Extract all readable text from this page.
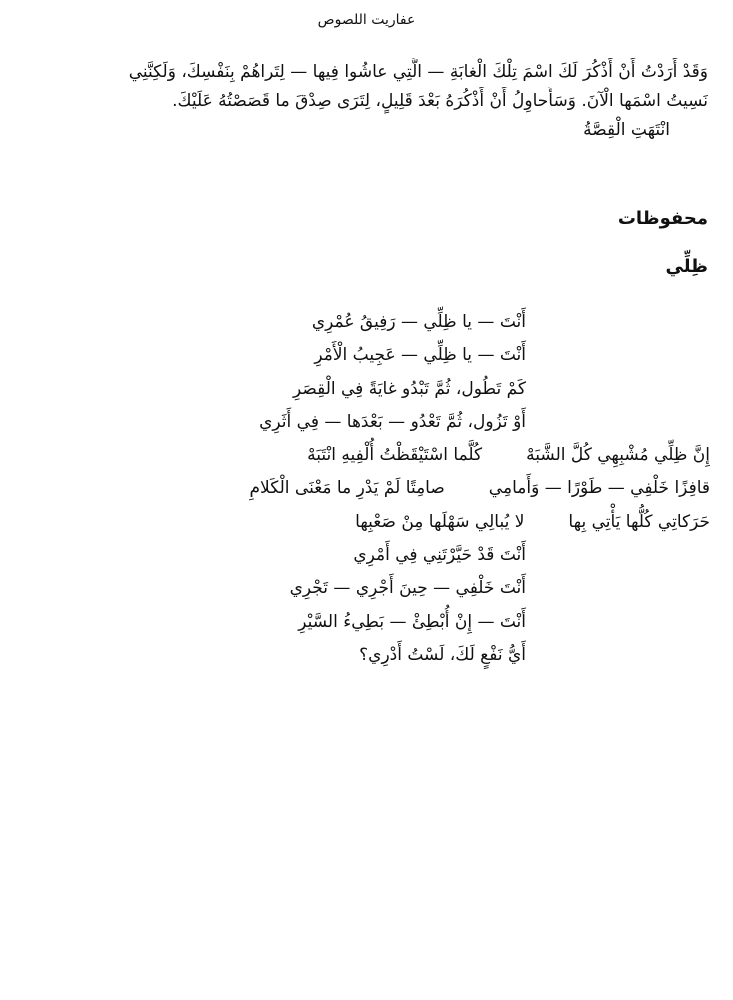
عفاريت اللصوص
وَقَدْ أَرَدْتُ أَنْ أَذْكُرَ لَكَ اسْمَ تِلْكَ الْغابَةِ — الَّتِي عاشُوا فِيها — لِتَراهُمْ بِنَفْسِكَ، وَلَكِنَّنِي
نَسِيتُ اسْمَها الْآنَ. وَسَأُحاوِلُ أَنْ أَذْكُرَهُ بَعْدَ قَلِيلٍ، لِتَرَى صِدْقَ ما قَصَصْتُهُ عَلَيْكَ.
انْتَهَتِ الْقِصَّةُ
محفوظات
ظِلِّي
أَنْتَ — يا ظِلِّي — رَفِيقُ عُمْرِي
أَنْتَ — يا ظِلِّي — عَجِيبُ الْأَمْرِ
كَمْ تَطُول، ثُمَّ تَبْدُو غايَةً فِي الْقِصَرِ
أَوْ تَزُول، ثُمَّ تَعْدُو — بَعْدَها — فِي أَثَرِي
إِنَّ ظِلِّي مُشْبِهِي كُلَّ الشَّبَهْكُلَّما اسْتَيْقَظْتُ أُلْفِيهِ انْتَبَهْ
قافِزًا خَلْفِي — طَوْرًا — وَأَمامِيصامِتًا لَمْ يَدْرِ ما مَعْنَى الْكَلامِ
حَرَكاتِي كُلُّها يَأْتِي بِهالا يُبالِي سَهْلَها مِنْ صَعْبِها
أَنْتَ قَدْ حَيَّرْتَنِي فِي أَمْرِي
أَنْتَ خَلْفِي — حِينَ أَجْرِي — تَجْرِي
أَنْتَ — إِنْ أُبْطِئْ — بَطِيءُ السَّيْرِ
أَيُّ نَفْعٍ لَكَ، لَسْتُ أَدْرِي؟
